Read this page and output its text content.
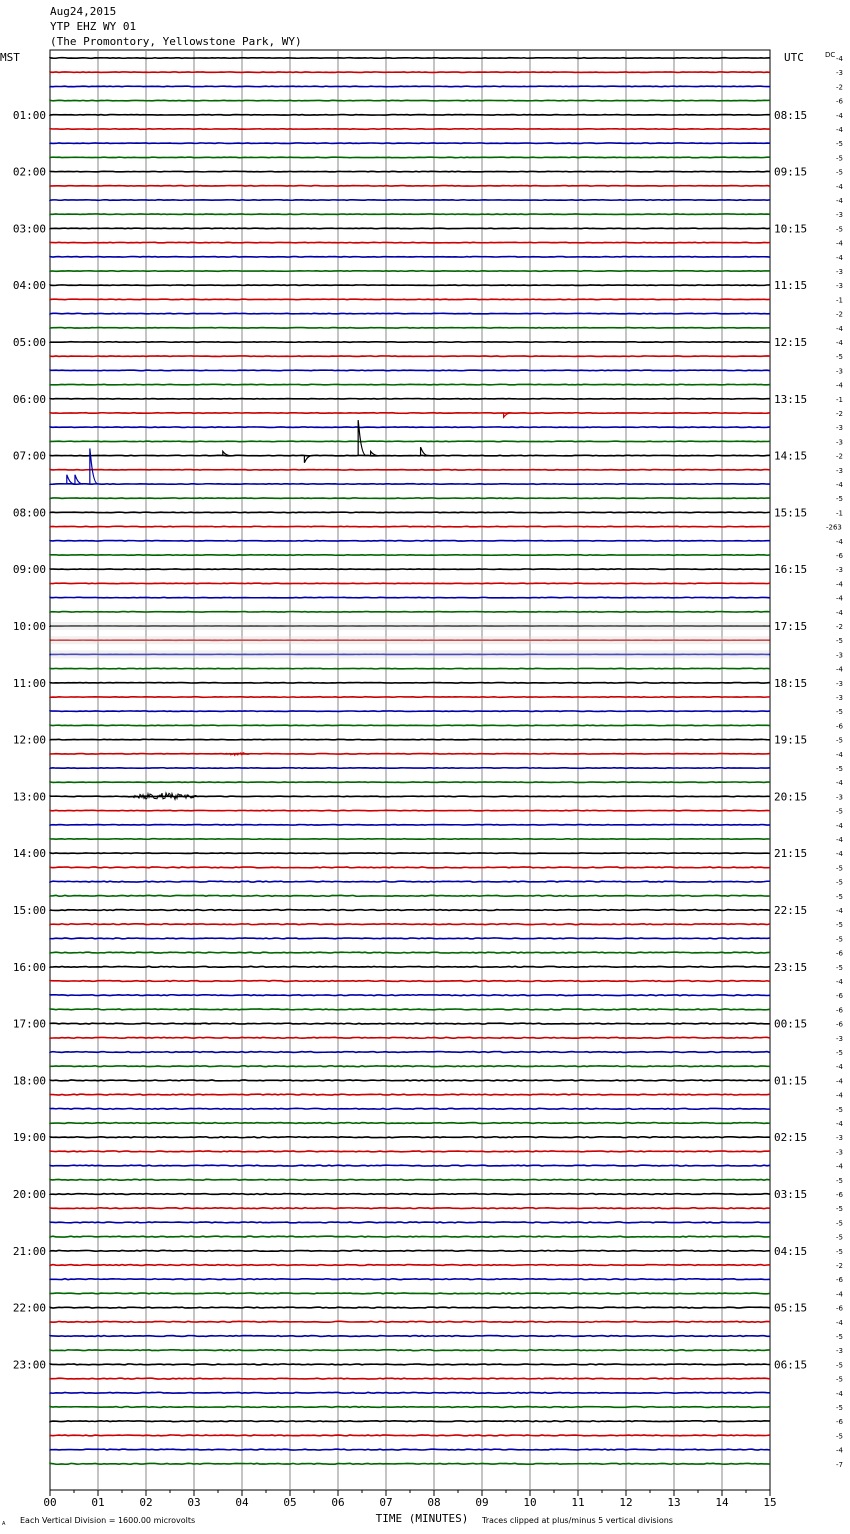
Aug24,2015
YTP EHZ WY 01
(The Promontory, Yellowstone Park, WY)
01:00
02:00
03:00
04:00
05:00
06:00
07:00
08:00
09:00
10:00
11:00
12:00
13:00
14:00
15:00
16:00
17:00
18:00
19:00
20:00
21:00
22:00
23:00
08:15
09:15
10:15
11:15
12:15
13:15
14:15
15:15
16:15
17:15
18:15
19:15
20:15
21:15
22:15
23:15
00:15
01:15
02:15
03:15
04:15
05:15
06:15
MST	UTC	DC -4
-3
-2
-6
-4
-4
-5
-5
-5
-4
-4
-3
-5
-4
-4
-3
-3
-1
-2
-4
-4
-5
-3
-4
-1
-2
-3
-3
-2
-3
-4
-5
-1
-263
-4
-6
-3
-4
-4
-4
-2
-5
-3
-4
-3
-3
-5
-6
-5
-4
-5
-4
-3
-5
-4
-4
-4
-5
-5
-5
-4
-5
-5
-6
-5
-4
-6
-6
-6
-3
-5
-4
-4
-4
-5
-4
-3
-3
-4
-5
-6
-5
-5
-5
-5
-2
-6
-4
-6
-4
-5
-3
-5
-5
-4
-5
-6
-5
-4
-7
00	01	02	03	04	05	06	07	08	09	10	11	12	13	14	15
TIME (MINUTES)
Each Vertical Division = 1600.00 microvolts	Traces clipped at plus/minus 5 vertical divisions
A
